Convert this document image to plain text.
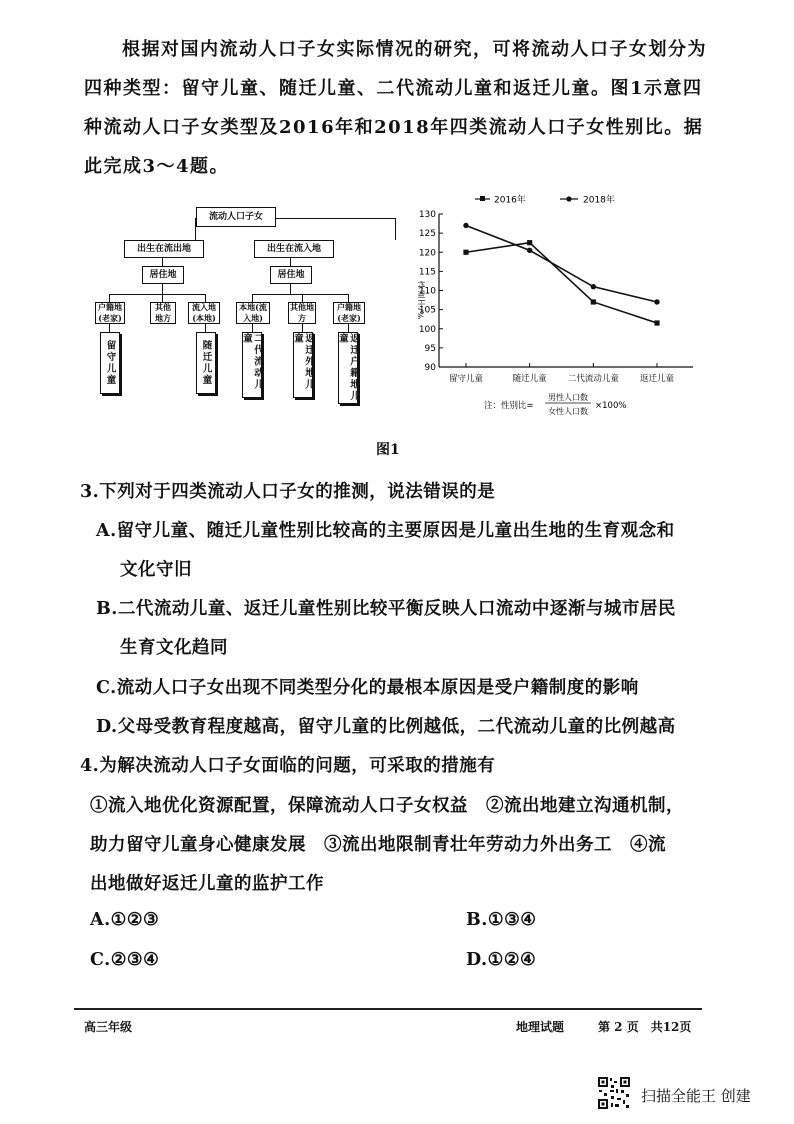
根据对国内流动人口子女实际情况的研究，可将流动人口子女划分为四种类型：留守儿童、随迁儿童、二代流动儿童和返迁儿童。图1示意四种流动人口子女类型及2016年和2018年四类流动人口子女性别比。据此完成3～4题。

流动人口子女
出生在流出地	出生在流入地
居住地	居住地
户籍地(老家)
其他地方
流入地(本地)
本地(流入地)
其他地方
户籍地(老家)
留守儿童	随迁儿童	二代流动儿童	返迁外地儿童	返迁户籍地儿童
2016年	2018年
性别比/%
90
95
100
105
110
115
120
125
130
留守儿童	随迁儿童 二代流动儿童 返迁儿童
注：性别比=
男性人口数
女性人口数
×100%
图1

3.下列对于四类流动人口子女的推测，说法错误的是

A.留守儿童、随迁儿童性别比较高的主要原因是儿童出生地的生育观念和

文化守旧

B.二代流动儿童、返迁儿童性别比较平衡反映人口流动中逐渐与城市居民

生育文化趋同

C.流动人口子女出现不同类型分化的最根本原因是受户籍制度的影响

D.父母受教育程度越高，留守儿童的比例越低，二代流动儿童的比例越高

4.为解决流动人口子女面临的问题，可采取的措施有

①流入地优化资源配置，保障流动人口子女权益　②流出地建立沟通机制，

助力留守儿童身心健康发展　③流出地限制青壮年劳动力外出务工　④流

出地做好返迁儿童的监护工作

A.①②③	B.①③④

C.②③④	D.①②④

高三年级	地理试题	第 2 页　共12页
扫描全能王 创建
